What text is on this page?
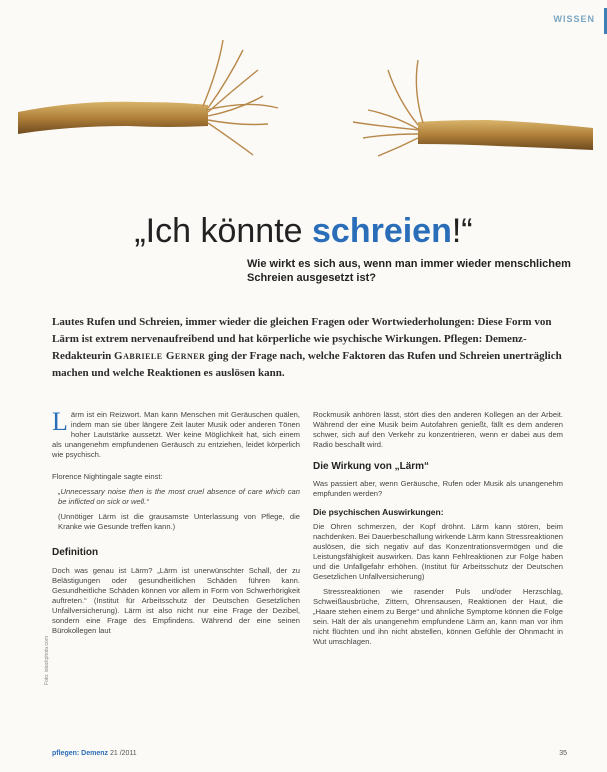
WISSEN
„Ich könnte schreien!“
Wie wirkt es sich aus, wenn man immer wieder menschlichem Schreien ausgesetzt ist?
Lautes Rufen und Schreien, immer wieder die gleichen Fragen oder Wortwiederholungen: Diese Form von Lärm ist extrem nervenaufreibend und hat körperliche wie psychische Wirkungen. Pflegen: Demenz-Redakteurin Gabriele Gerner ging der Frage nach, welche Faktoren das Rufen und Schreien unerträglich machen und welche Reaktionen es auslösen kann.

Lärm ist ein Reizwort. Man kann Menschen mit Geräuschen quälen, indem man sie über längere Zeit lauter Musik oder anderen Tönen hoher Lautstärke aussetzt. Wer keine Möglichkeit hat, sich einem als unangenehm empfundenen Geräusch zu entziehen, leidet körperlich wie psychisch.

Florence Nightingale sagte einst:

„Unnecessary noise then is the most cruel absence of care which can be inflicted on sick or well.“

(Unnötiger Lärm ist die grausamste Unterlassung von Pflege, die Kranke wie Gesunde treffen kann.)

Definition

Doch was genau ist Lärm? „Lärm ist unerwünschter Schall, der zu Belästigungen oder gesundheitlichen Schäden führen kann. Gesundheitliche Schäden können vor allem in Form von Schwerhörigkeit auftreten.“ (Institut für Arbeitsschutz der Deutschen Gesetzlichen Unfallversicherung). Lärm ist also nicht nur eine Frage der Dezibel, sondern eine Frage des Empfindens. Während der eine seinen Bürokollegen laut

Rockmusik anhören lässt, stört dies den anderen Kollegen an der Arbeit. Während der eine Musik beim Autofahren genießt, fällt es dem anderen schwer, sich auf den Verkehr zu konzentrieren, wenn er dabei aus dem Radio beschallt wird.

Die Wirkung von „Lärm“

Was passiert aber, wenn Geräusche, Rufen oder Musik als unangenehm empfunden werden?

Die psychischen Auswirkungen:

Die Ohren schmerzen, der Kopf dröhnt. Lärm kann stören, beim nachdenken. Bei Dauerbeschallung wirkende Lärm kann Stressreaktionen auslösen, die sich negativ auf das Konzentrationsvermögen und die Leistungsfähigkeit auswirken. Das kann Fehlreaktionen zur Folge haben und die Unfallgefahr erhöhen. (Institut für Arbeitsschutz der Deutschen Gesetzlichen Unfallversicherung)

Stressreaktionen wie rasender Puls und/oder Herzschlag, Schweißausbrüche, Zittern, Ohrensausen, Reaktionen der Haut, die „Haare stehen einem zu Berge“ und ähnliche Symptome können die Folge sein. Hält der als unangenehm empfundene Lärm an, kann man vor ihm nicht flüchten und ihn nicht abstellen, können Gefühle der Ohnmacht in Wut umschlagen.

Foto: istockphoto.com
pflegen: Demenz 21 /2011	35
